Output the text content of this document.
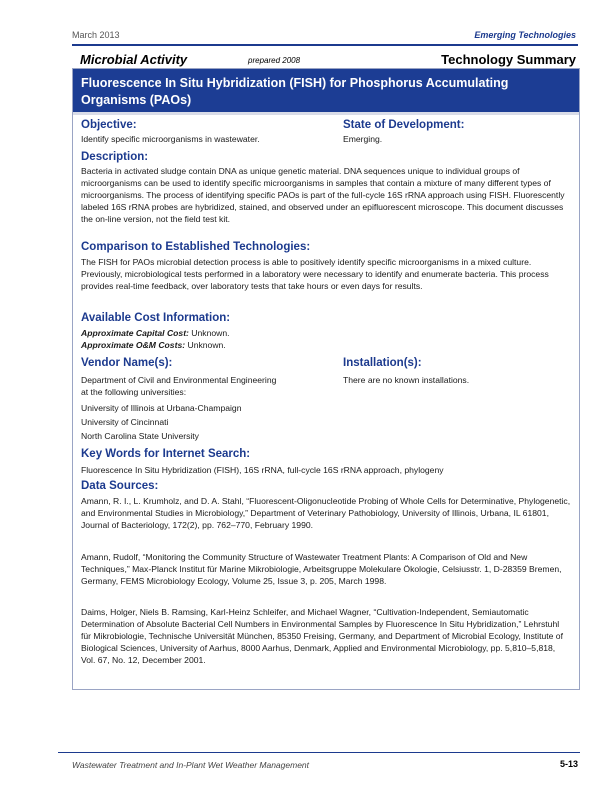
March 2013	Emerging Technologies
Microbial Activity	prepared 2008	Technology Summary
Fluorescence In Situ Hybridization (FISH) for Phosphorus Accumulating Organisms (PAOs)
Objective:
Identify specific microorganisms in wastewater.
State of Development:
Emerging.
Description:
Bacteria in activated sludge contain DNA as unique genetic material. DNA sequences unique to individual groups of microorganisms can be used to identify specific microorganisms in samples that contain a mixture of many different types of microorganisms. The process of identifying specific PAOs is part of the full-cycle 16S rRNA approach using FISH. Fluorescently labeled 16S rRNA probes are hybridized, stained, and observed under an epifluorescent microscope. This document discusses the on-line version, not the field test kit.
Comparison to Established Technologies:
The FISH for PAOs microbial detection process is able to positively identify specific microorganisms in a mixed culture. Previously, microbiological tests performed in a laboratory were necessary to identify and enumerate bacteria. This process provides real-time feedback, over laboratory tests that take hours or even days for results.
Available Cost Information:
Approximate Capital Cost: Unknown.
Approximate O&M Costs: Unknown.
Vendor Name(s):
Department of Civil and Environmental Engineering
at the following universities:
University of Illinois at Urbana-Champaign
University of Cincinnati
North Carolina State University
Installation(s):
There are no known installations.
Key Words for Internet Search:
Fluorescence In Situ Hybridization (FISH), 16S rRNA, full-cycle 16S rRNA approach, phylogeny
Data Sources:
Amann, R. I., L. Krumholz, and D. A. Stahl, “Fluorescent-Oligonucleotide Probing of Whole Cells for Determinative, Phylogenetic, and Environmental Studies in Microbiology,” Department of Veterinary Pathobiology, University of Illinois, Urbana, IL 61801, Journal of Bacteriology, 172(2), pp. 762–770, February 1990.
Amann, Rudolf, “Monitoring the Community Structure of Wastewater Treatment Plants: A Comparison of Old and New Techniques,” Max-Planck Institut für Marine Mikrobiologie, Arbeitsgruppe Molekulare Ökologie, Celsiusstr. 1, D-28359 Bremen, Germany, FEMS Microbiology Ecology, Volume 25, Issue 3, p. 205, March 1998.
Daims, Holger, Niels B. Ramsing, Karl-Heinz Schleifer, and Michael Wagner, “Cultivation-Independent, Semiautomatic Determination of Absolute Bacterial Cell Numbers in Environmental Samples by Fluorescence In Situ Hybridization,” Lehrstuhl für Mikrobiologie, Technische Universität München, 85350 Freising, Germany, and Department of Microbial Ecology, Institute of Biological Sciences, University of Aarhus, 8000 Aarhus, Denmark, Applied and Environmental Microbiology, pp. 5,810–5,818, Vol. 67, No. 12, December 2001.
Wastewater Treatment and In-Plant Wet Weather Management	5-13
